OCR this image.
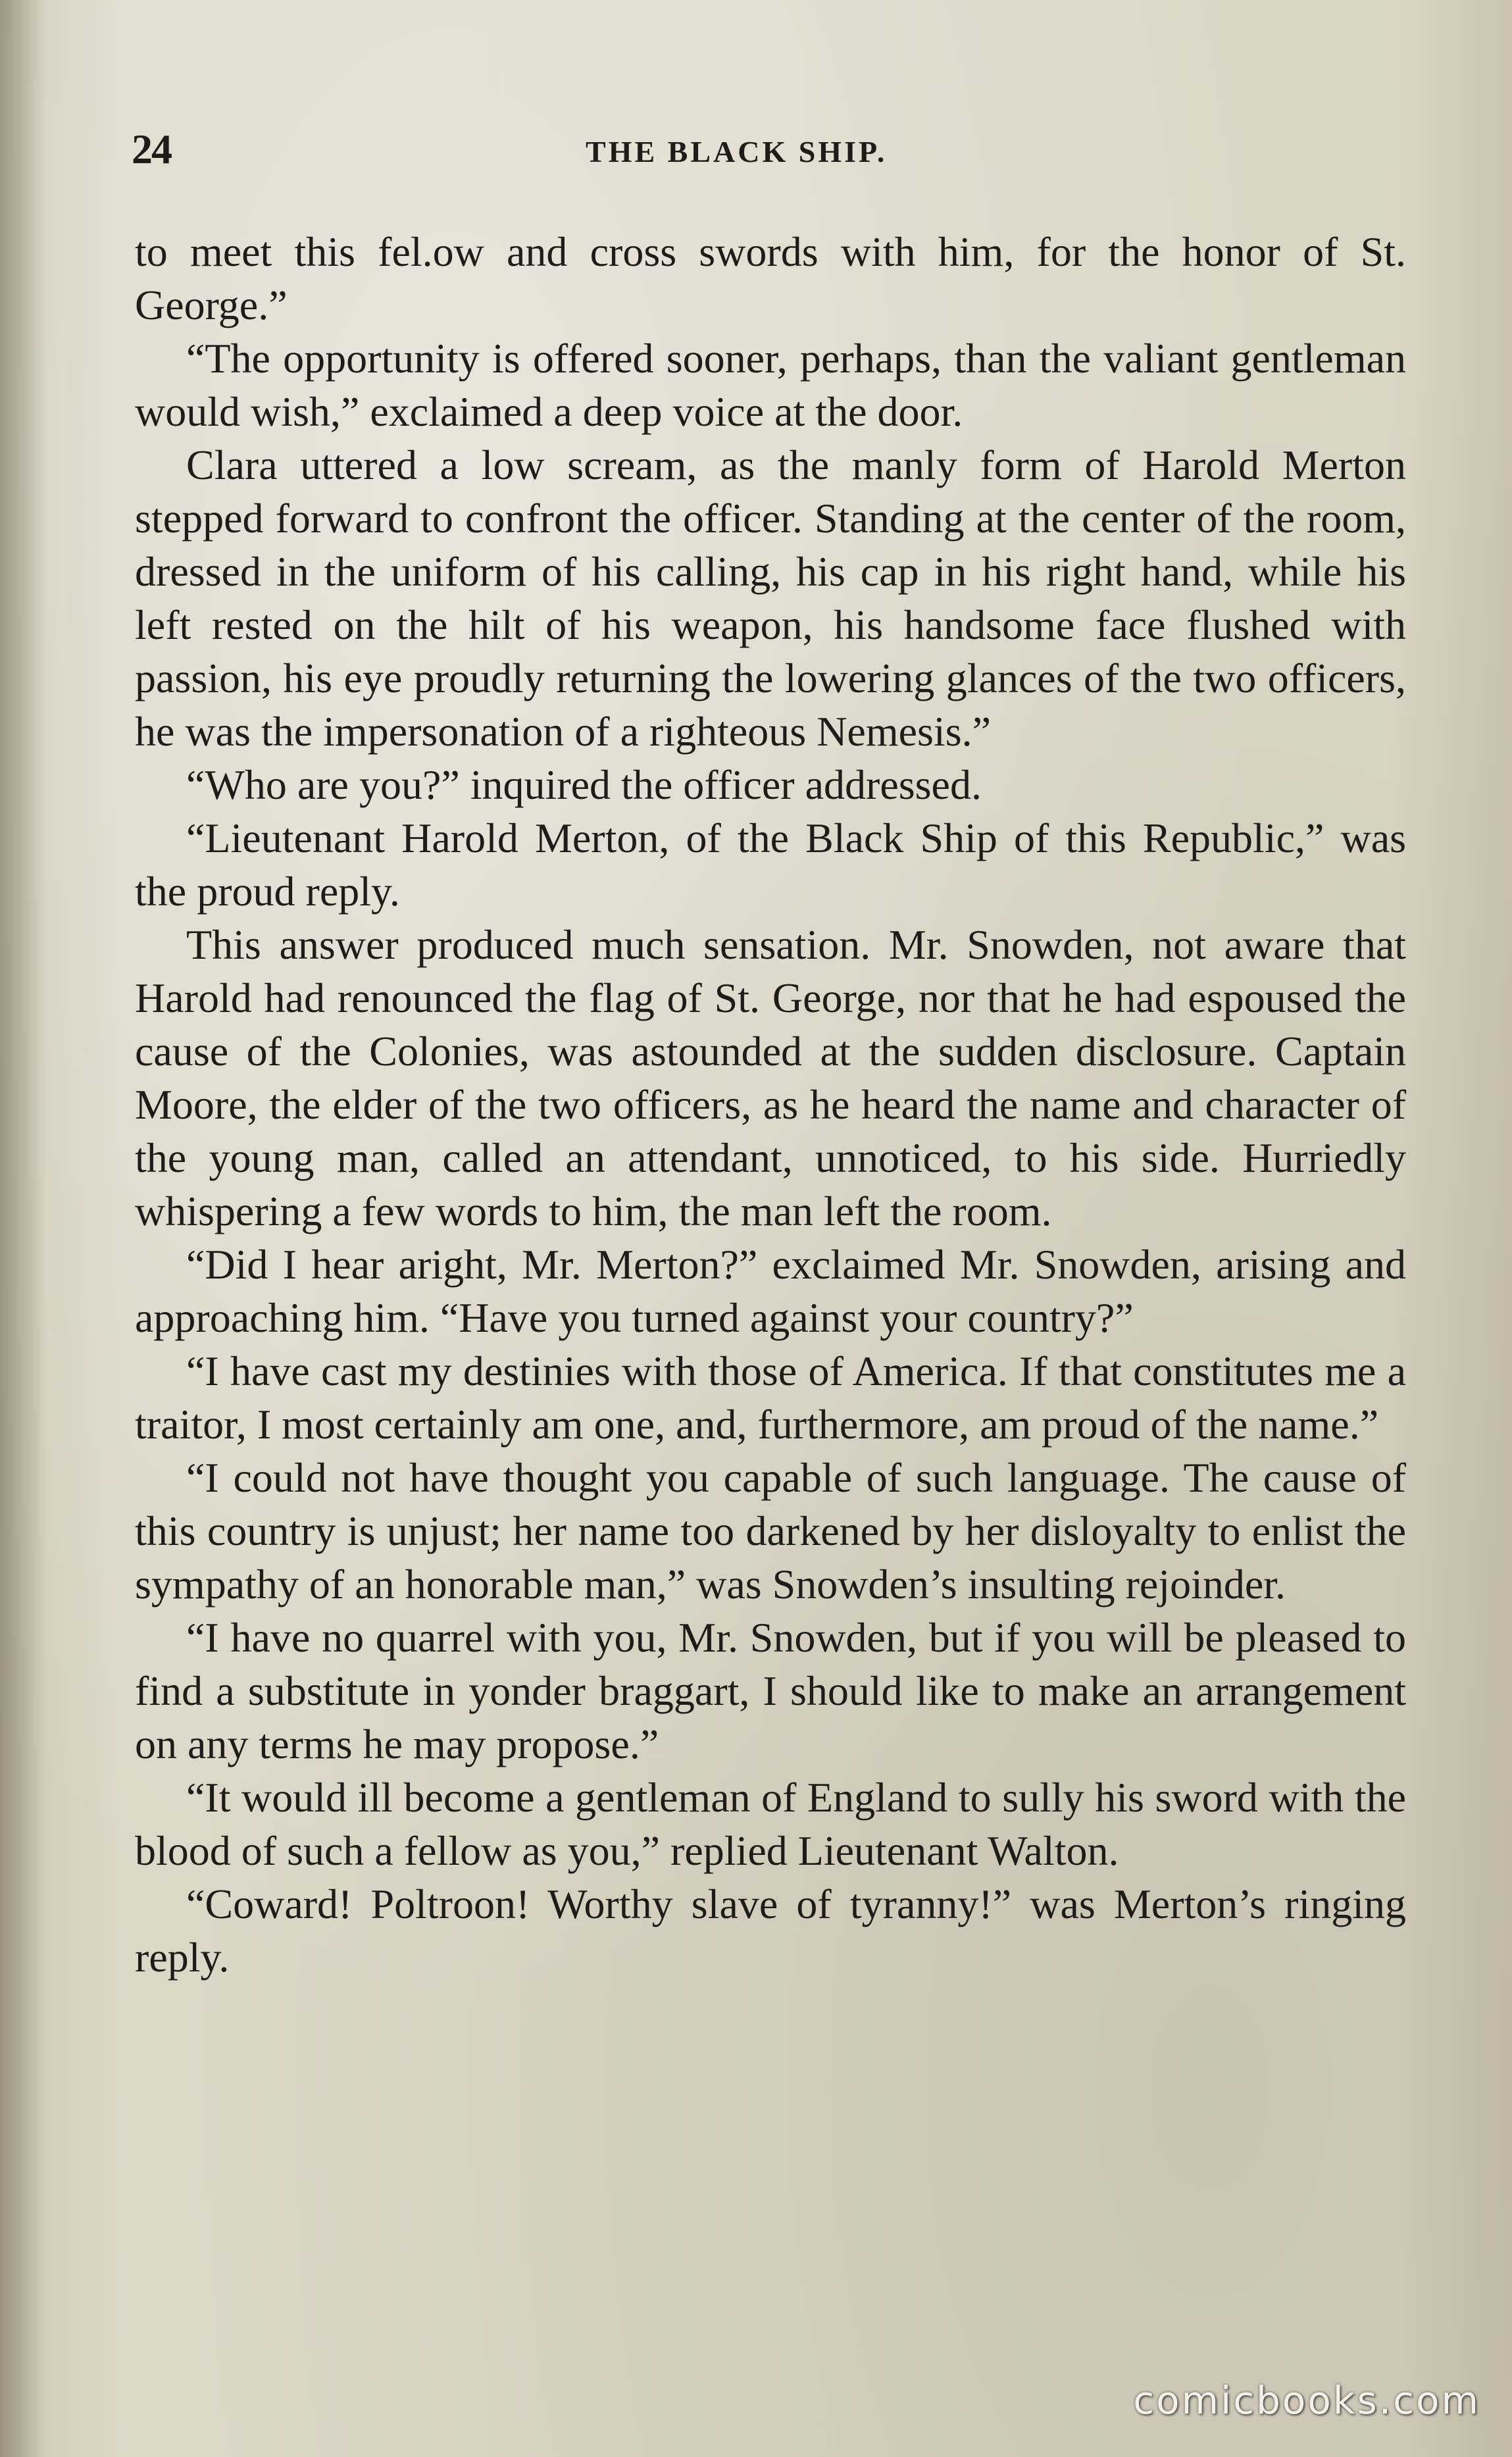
24	THE BLACK SHIP.

to meet this fel.ow and cross swords with him, for the honor of St. George.”

“The opportunity is offered sooner, perhaps, than the valiant gentleman would wish,” exclaimed a deep voice at the door.

Clara uttered a low scream, as the manly form of Harold Merton stepped forward to confront the officer. Standing at the center of the room, dressed in the uniform of his calling, his cap in his right hand, while his left rested on the hilt of his weapon, his handsome face flushed with passion, his eye proudly returning the lowering glances of the two officers, he was the impersonation of a righteous Nemesis.”

“Who are you?” inquired the officer addressed.

“Lieutenant Harold Merton, of the Black Ship of this Republic,” was the proud reply.

This answer produced much sensation. Mr. Snowden, not aware that Harold had renounced the flag of St. George, nor that he had espoused the cause of the Colonies, was astounded at the sudden disclosure. Captain Moore, the elder of the two officers, as he heard the name and character of the young man, called an attendant, unnoticed, to his side. Hurriedly whispering a few words to him, the man left the room.

“Did I hear aright, Mr. Merton?” exclaimed Mr. Snowden, arising and approaching him. “Have you turned against your country?”

“I have cast my destinies with those of America. If that constitutes me a traitor, I most certainly am one, and, furthermore, am proud of the name.”

“I could not have thought you capable of such language. The cause of this country is unjust; her name too darkened by her disloyalty to enlist the sympathy of an honorable man,” was Snowden’s insulting rejoinder.

“I have no quarrel with you, Mr. Snowden, but if you will be pleased to find a substitute in yonder braggart, I should like to make an arrangement on any terms he may propose.”

“It would ill become a gentleman of England to sully his sword with the blood of such a fellow as you,” replied Lieutenant Walton.

“Coward! Poltroon! Worthy slave of tyranny!” was Merton’s ringing reply.

comicbooks.com
